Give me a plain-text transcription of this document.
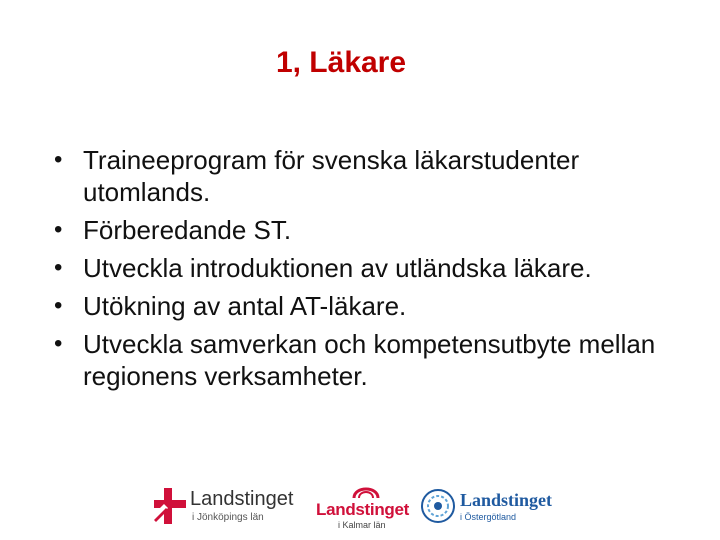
1, Läkare
• Traineeprogram för svenska läkarstudenter utomlands.
• Förberedande ST.
• Utveckla introduktionen av utländska läkare.
• Utökning av antal AT-läkare.
• Utveckla samverkan och kompetensutbyte mellan regionens verksamheter.
Landstinget
i Jönköpings län	Landstinget
i Kalmar län
Landstinget
i Östergötland
